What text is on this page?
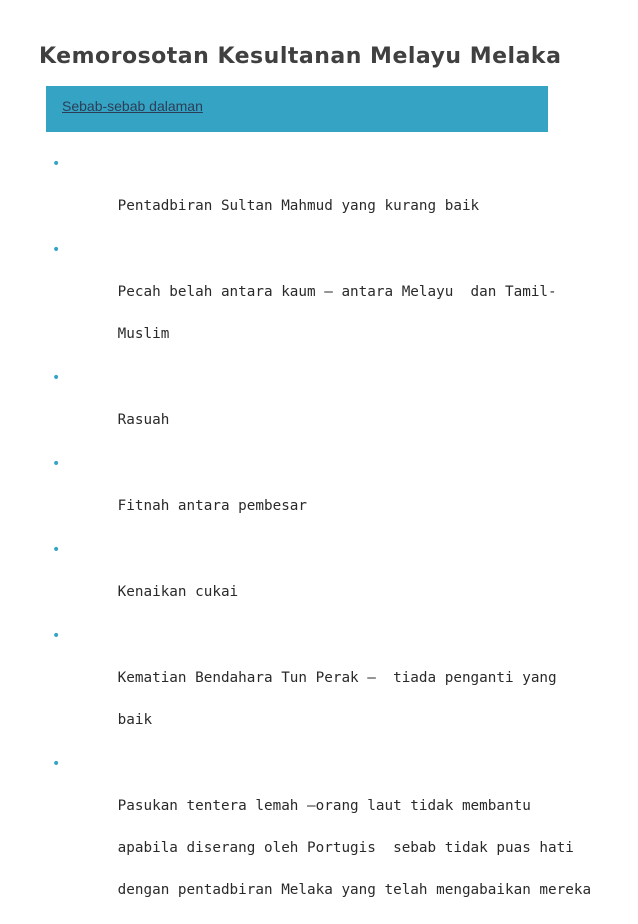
Kemorosotan Kesultanan Melayu Melaka
Sebab-sebab dalaman

•

Pentadbiran Sultan Mahmud yang kurang baik

•

Pecah belah antara kaum – antara Melayu  dan Tamil-

Muslim

•

Rasuah

•

Fitnah antara pembesar

•

Kenaikan cukai

•

Kematian Bendahara Tun Perak –  tiada penganti yang

baik

•

Pasukan tentera lemah –orang laut tidak membantu

apabila diserang oleh Portugis  sebab tidak puas hati

dengan pentadbiran Melaka yang telah mengabaikan mereka
